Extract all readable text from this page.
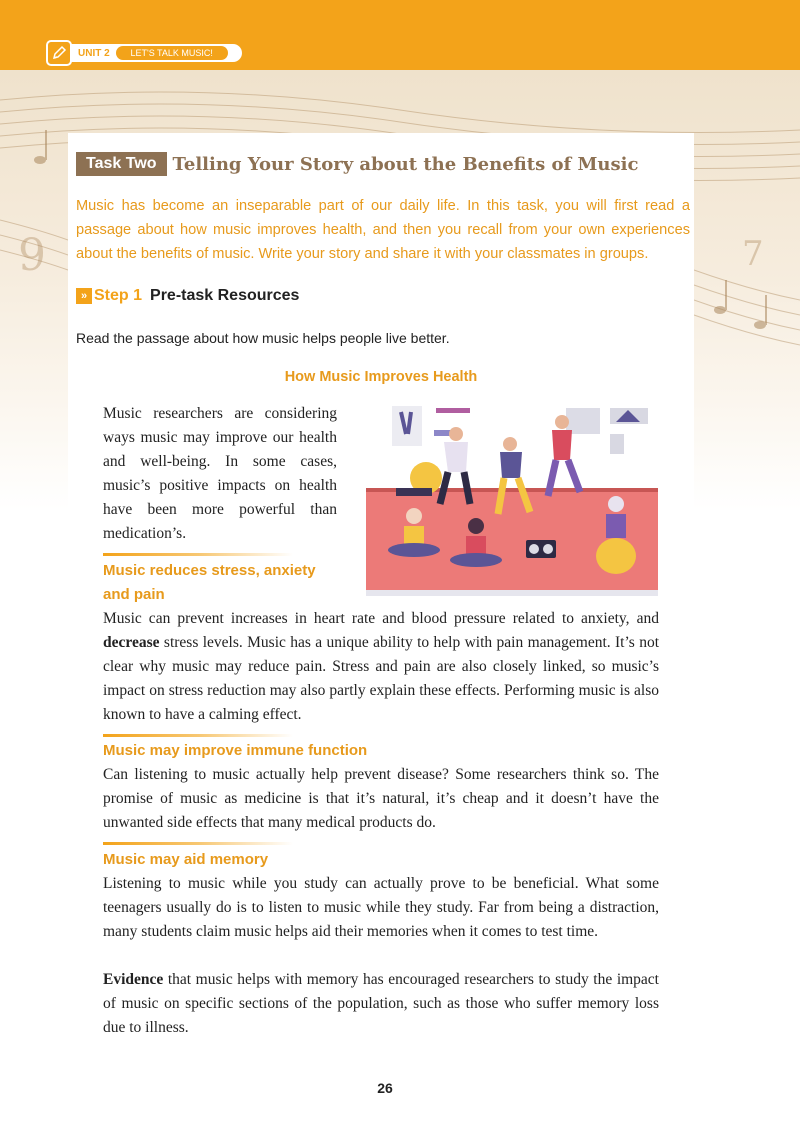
UNIT 2	LET'S TALK MUSIC!
9	7
Task Two Telling Your Story about the Benefits of Music

Music has become an inseparable part of our daily life. In this task, you will first read a passage about how music improves health, and then you recall from your own experiences about the benefits of music. Write your story and share it with your classmates in groups.

» Step 1 Pre-task Resources

Read the passage about how music helps people live better.

How Music Improves Health

Music researchers are considering ways music may improve our health and well-being. In some cases, music’s positive impacts on health have been more powerful than medication’s.

Music reduces stress, anxiety and pain

Music can prevent increases in heart rate and blood pressure related to anxiety, and decrease stress levels. Music has a unique ability to help with pain management. It’s not clear why music may reduce pain. Stress and pain are also closely linked, so music’s impact on stress reduction may also partly explain these effects. Performing music is also known to have a calming effect.

Music may improve immune function

Can listening to music actually help prevent disease? Some researchers think so. The promise of music as medicine is that it’s natural, it’s cheap and it doesn’t have the unwanted side effects that many medical products do.

Music may aid memory

Listening to music while you study can actually prove to be beneficial. What some teenagers usually do is to listen to music while they study. Far from being a distraction, many students claim music helps aid their memories when it comes to test time.

Evidence that music helps with memory has encouraged researchers to study the impact of music on specific sections of the population, such as those who suffer memory loss due to illness.

26
